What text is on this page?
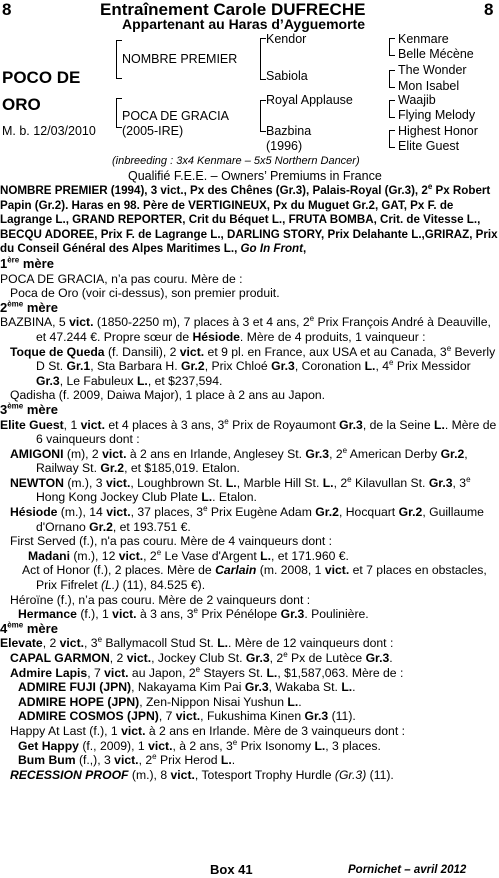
8	Entraînement Carole DUFRECHE	8
Appartenant au Haras d’Ayguemorte
POCO DE
ORO
M. b. 12/03/2010
NOMBRE PREMIER
POCA DE GRACIA
(2005-IRE)
Kendor
Sabiola
Royal Applause
Bazbina
(1996)
Kenmare
Belle Mécène
The Wonder
Mon Isabel
Waajib
Flying Melody
Highest Honor
Elite Guest
(inbreeding : 3x4 Kenmare – 5x5 Northern Dancer)
Qualifié F.E.E. – Owners’ Premiums in France

NOMBRE PREMIER (1994), 3 vict., Px des Chênes (Gr.3), Palais-Royal (Gr.3), 2e Px Robert Papin (Gr.2). Haras en 98. Père de VERTIGINEUX, Px du Muguet Gr.2, GAT, Px F. de Lagrange L., GRAND REPORTER, Crit du Béquet L., FRUTA BOMBA, Crit. de Vitesse L., BECQU ADOREE, Prix F. de Lagrange L., DARLING STORY, Prix Delahante L.,GRIRAZ, Prix du Conseil Général des Alpes Maritimes L., Go In Front,

1ère mère

POCA DE GRACIA, n’a pas couru. Mère de :

Poca de Oro (voir ci-dessus), son premier produit.

2ème mère

BAZBINA, 5 vict. (1850-2250 m), 7 places à 3 et 4 ans, 2e Prix François André à Deauville, et 47.244 €. Propre sœur de Hésiode. Mère de 4 produits, 1 vainqueur :

Toque de Queda (f. Dansili), 2 vict. et 9 pl. en France, aux USA et au Canada, 3e Beverly D St. Gr.1, Sta Barbara H. Gr.2, Prix Chloé Gr.3, Coronation L., 4e Prix Messidor Gr.3, Le Fabuleux L., et $237,594.

Qadisha (f. 2009, Daiwa Major), 1 place à 2 ans au Japon.

3ème mère

Elite Guest, 1 vict. et 4 places à 3 ans, 3e Prix de Royaumont Gr.3, de la Seine L.. Mère de 6 vainqueurs dont :

AMIGONI (m), 2 vict. à 2 ans en Irlande, Anglesey St. Gr.3, 2e American Derby Gr.2, Railway St. Gr.2, et $185,019. Etalon.

NEWTON (m.), 3 vict., Loughbrown St. L., Marble Hill St. L., 2e Kilavullan St. Gr.3, 3e Hong Kong Jockey Club Plate L.. Etalon.

Hésiode (m.), 14 vict., 37 places, 3e Prix Eugène Adam Gr.2, Hocquart Gr.2, Guillaume d'Ornano Gr.2, et 193.751 €.

First Served (f.), n'a pas couru. Mère de 4 vainqueurs dont :

Madani (m.), 12 vict., 2e Le Vase d'Argent L., et 171.960 €.

Act of Honor (f.), 2 places. Mère de Carlain (m. 2008, 1 vict. et 7 places en obstacles, Prix Fifrelet (L.) (11), 84.525 €).

Héroïne (f.), n’a pas couru. Mère de 2 vainqueurs dont :

Hermance (f.), 1 vict. à 3 ans, 3e Prix Pénélope Gr.3. Poulinière.

4ème mère

Elevate, 2 vict., 3e Ballymacoll Stud St. L.. Mère de 12 vainqueurs dont :

CAPAL GARMON, 2 vict., Jockey Club St. Gr.3, 2e Px de Lutèce Gr.3.

Admire Lapis, 7 vict. au Japon, 2e Stayers St. L., $1,587,063. Mère de :

ADMIRE FUJI (JPN), Nakayama Kim Pai Gr.3, Wakaba St. L..

ADMIRE HOPE (JPN), Zen-Nippon Nisai Yushun L..

ADMIRE COSMOS (JPN), 7 vict., Fukushima Kinen Gr.3 (11).

Happy At Last (f.), 1 vict. à 2 ans en Irlande. Mère de 3 vainqueurs dont :

Get Happy (f., 2009), 1 vict., à 2 ans, 3e Prix Isonomy L., 3 places.

Bum Bum (f.,), 3 vict., 2e Prix Herod L..

RECESSION PROOF (m.), 8 vict., Totesport Trophy Hurdle (Gr.3) (11).

Box 41	Pornichet – avril 2012
